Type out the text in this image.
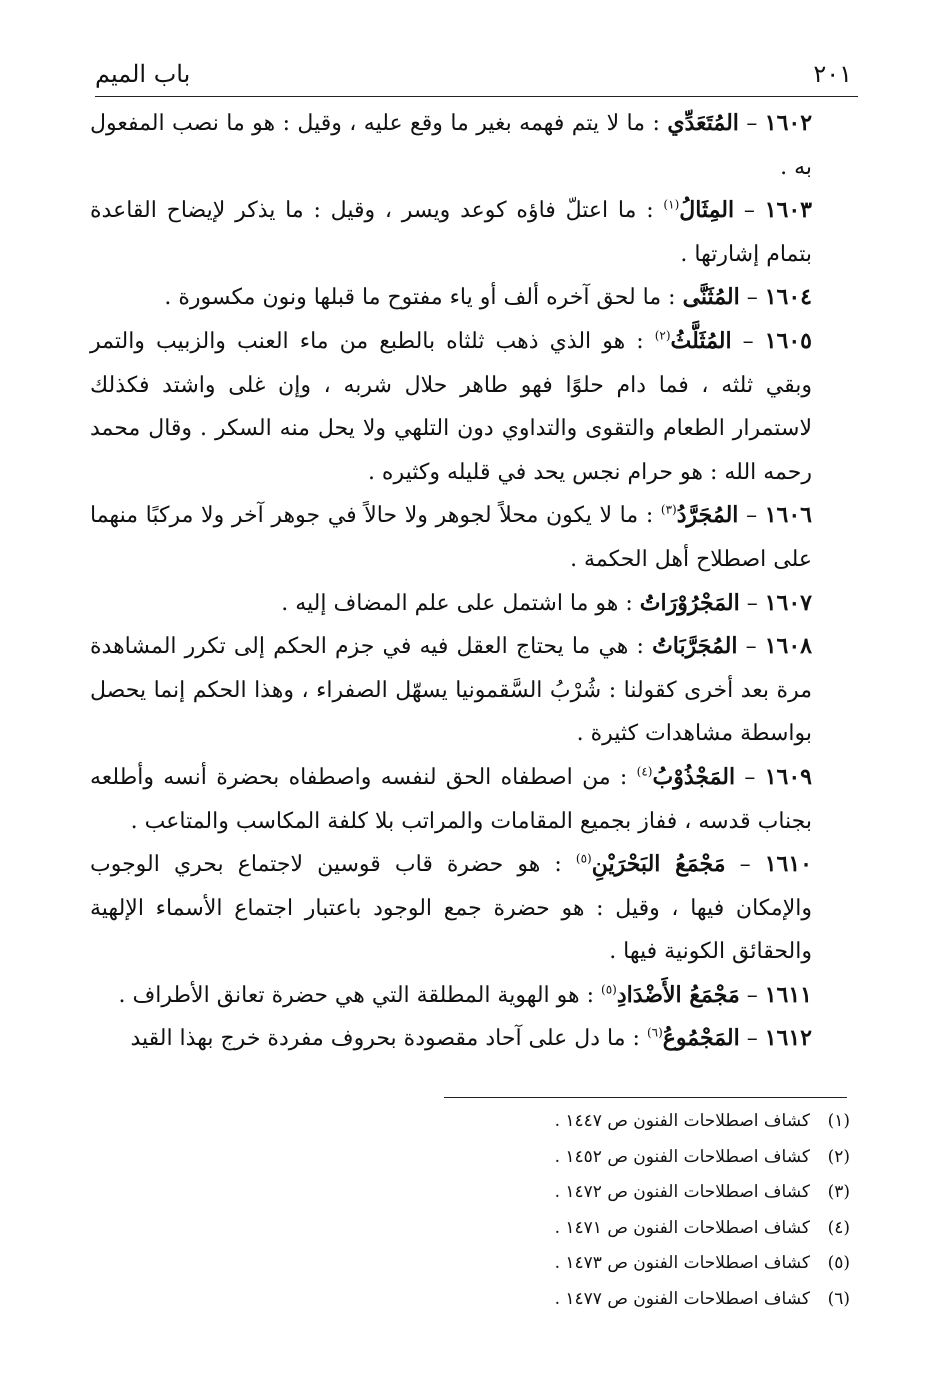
٢٠١
باب الميم

١٦٠٢ – المُتَعَدِّي : ما لا يتم فهمه بغير ما وقع عليه ، وقيل : هو ما نصب المفعول به .

١٦٠٣ – المِثَالُ$^{(١)}$ : ما اعتلّ فاؤه كوعد ويسر ، وقيل : ما يذكر لإيضاح القاعدة بتمام إشارتها .

١٦٠٤ – المُثَنَّى : ما لحق آخره ألف أو ياء مفتوح ما قبلها ونون مكسورة .

١٦٠٥ – المُثَلَّثُ$^{(٢)}$ : هو الذي ذهب ثلثاه بالطبع من ماء العنب والزبيب والتمر وبقي ثلثه ، فما دام حلوًا فهو طاهر حلال شربه ، وإن غلى واشتد فكذلك لاستمرار الطعام والتقوى والتداوي دون التلهي ولا يحل منه السكر . وقال محمد رحمه الله : هو حرام نجس يحد في قليله وكثيره .

١٦٠٦ – المُجَرَّدُ$^{(٣)}$ : ما لا يكون محلاً لجوهر ولا حالاً في جوهر آخر ولا مركبًا منهما على اصطلاح أهل الحكمة .

١٦٠٧ – المَجْرُوْرَاتُ : هو ما اشتمل على علم المضاف إليه .

١٦٠٨ – المُجَرَّبَاتُ : هي ما يحتاج العقل فيه في جزم الحكم إلى تكرر المشاهدة مرة بعد أخرى كقولنا : شُرْبُ السَّقمونيا يسهّل الصفراء ، وهذا الحكم إنما يحصل بواسطة مشاهدات كثيرة .

١٦٠٩ – المَجْذُوْبُ$^{(٤)}$ : من اصطفاه الحق لنفسه واصطفاه بحضرة أنسه وأطلعه بجناب قدسه ، ففاز بجميع المقامات والمراتب بلا كلفة المكاسب والمتاعب .

١٦١٠ – مَجْمَعُ البَحْرَيْنِ$^{(٥)}$ : هو حضرة قاب قوسين لاجتماع بحري الوجوب والإمكان فيها ، وقيل : هو حضرة جمع الوجود باعتبار اجتماع الأسماء الإلهية والحقائق الكونية فيها .

١٦١١ – مَجْمَعُ الأَضْدَادِ$^{(٥)}$ : هو الهوية المطلقة التي هي حضرة تعانق الأطراف .

١٦١٢ – المَجْمُوعُ$^{(٦)}$ : ما دل على آحاد مقصودة بحروف مفردة خرج بهذا القيد

(١)كشاف اصطلاحات الفنون ص ١٤٤٧ .
(٢)كشاف اصطلاحات الفنون ص ١٤٥٢ .
(٣)كشاف اصطلاحات الفنون ص ١٤٧٢ .
(٤)كشاف اصطلاحات الفنون ص ١٤٧١ .
(٥)كشاف اصطلاحات الفنون ص ١٤٧٣ .
(٦)كشاف اصطلاحات الفنون ص ١٤٧٧ .
